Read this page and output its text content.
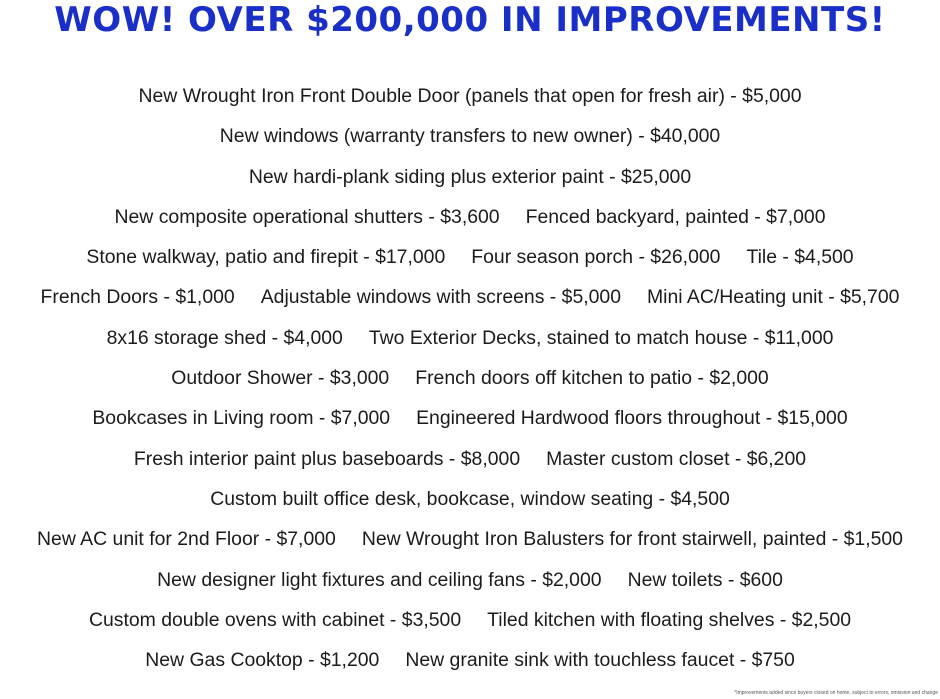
WOW! OVER $200,000 IN IMPROVEMENTS!
New Wrought Iron Front Double Door (panels that open for fresh air) - $5,000
New windows (warranty transfers to new owner) - $40,000
New hardi-plank siding plus exterior paint - $25,000
New composite operational shutters - $3,600 Fenced backyard, painted - $7,000
Stone walkway, patio and firepit - $17,000 Four season porch - $26,000 Tile - $4,500
French Doors - $1,000 Adjustable windows with screens - $5,000 Mini AC/Heating unit - $5,700
8x16 storage shed - $4,000 Two Exterior Decks, stained to match house - $11,000
Outdoor Shower - $3,000 French doors off kitchen to patio - $2,000
Bookcases in Living room - $7,000 Engineered Hardwood floors throughout - $15,000
Fresh interior paint plus baseboards - $8,000 Master custom closet - $6,200
Custom built office desk, bookcase, window seating - $4,500
New AC unit for 2nd Floor - $7,000 New Wrought Iron Balusters for front stairwell, painted - $1,500
New designer light fixtures and ceiling fans - $2,000 New toilets - $600
Custom double ovens with cabinet - $3,500 Tiled kitchen with floating shelves - $2,500
New Gas Cooktop - $1,200 New granite sink with touchless faucet - $750
*Improvements added since buyers closed on home, subject to errors, omission and change
